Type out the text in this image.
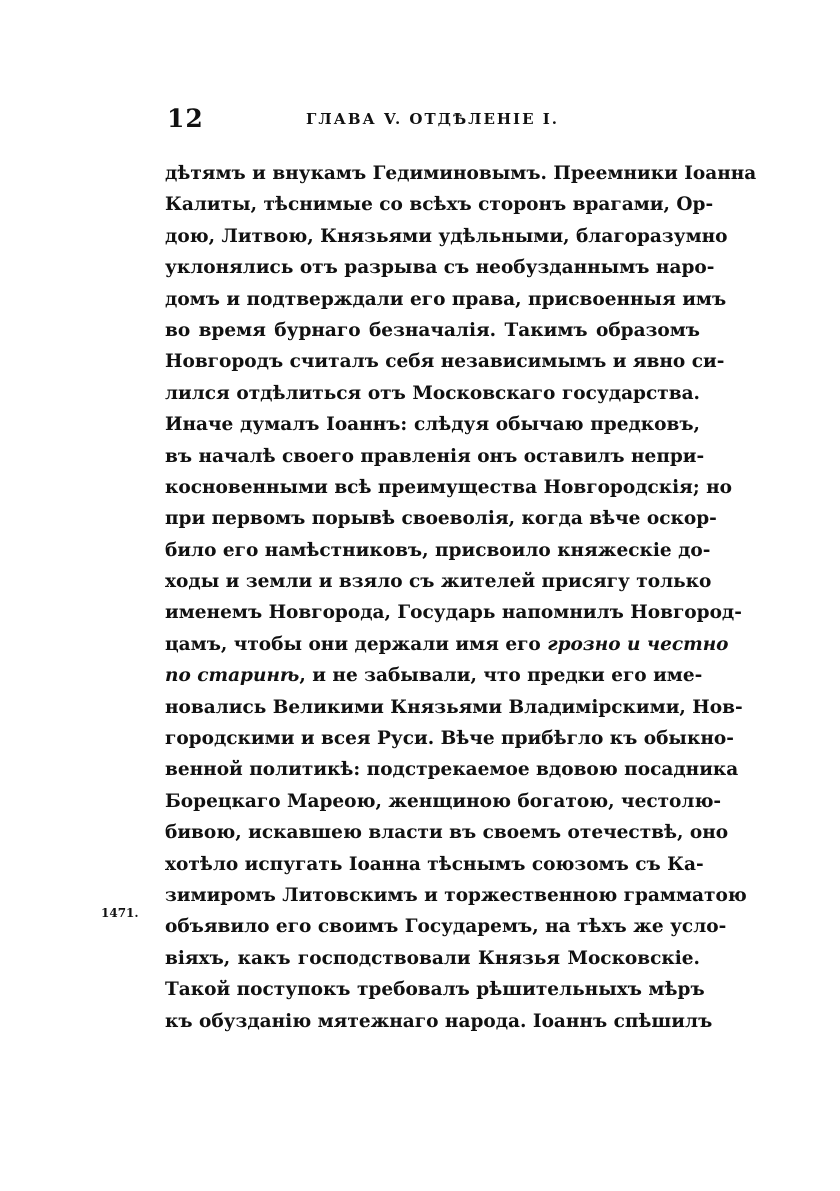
12	ГЛАВА V. ОТДѢЛЕНІЕ I.
1471.
дѣтямъ и внукамъ Гедиминовымъ. Преемники Іоанна
Калиты, тѣснимые со всѣхъ сторонъ врагами, Ор-
дою, Литвою, Князьями удѣльными, благоразумно
уклонялись отъ разрыва съ необузданнымъ наро-
домъ и подтверждали его права, присвоенныя имъ
во время бурнаго безначалія. Такимъ образомъ
Новгородъ считалъ себя независимымъ и явно си-
лился отдѣлиться отъ Московскаго государства.
Иначе думалъ Іоаннъ: слѣдуя обычаю предковъ,
въ началѣ своего правленія онъ оставилъ непри-
косновенными всѣ преимущества Новгородскія; но
при первомъ порывѣ своеволія, когда вѣче оскор-
било его намѣстниковъ, присвоило княжескіе до-
ходы и земли и взяло съ жителей присягу только
именемъ Новгорода, Государь напомнилъ Новгород-
цамъ, чтобы они держали имя его грозно и честно
по старинѣ, и не забывали, что предки его име-
новались Великими Князьями Владимірскими, Нов-
городскими и всея Руси. Вѣче прибѣгло къ обыкно-
венной политикѣ: подстрекаемое вдовою посадника
Борецкаго Мареою, женщиною богатою, честолю-
бивою, искавшею власти въ своемъ отечествѣ, оно
хотѣло испугать Іоанна тѣснымъ союзомъ съ Ка-
зимиромъ Литовскимъ и торжественною грамматою
объявило его своимъ Государемъ, на тѣхъ же усло-
віяхъ, какъ господствовали Князья Московскіе.
Такой поступокъ требовалъ рѣшительныхъ мѣръ
къ обузданію мятежнаго народа. Іоаннъ спѣшилъ
